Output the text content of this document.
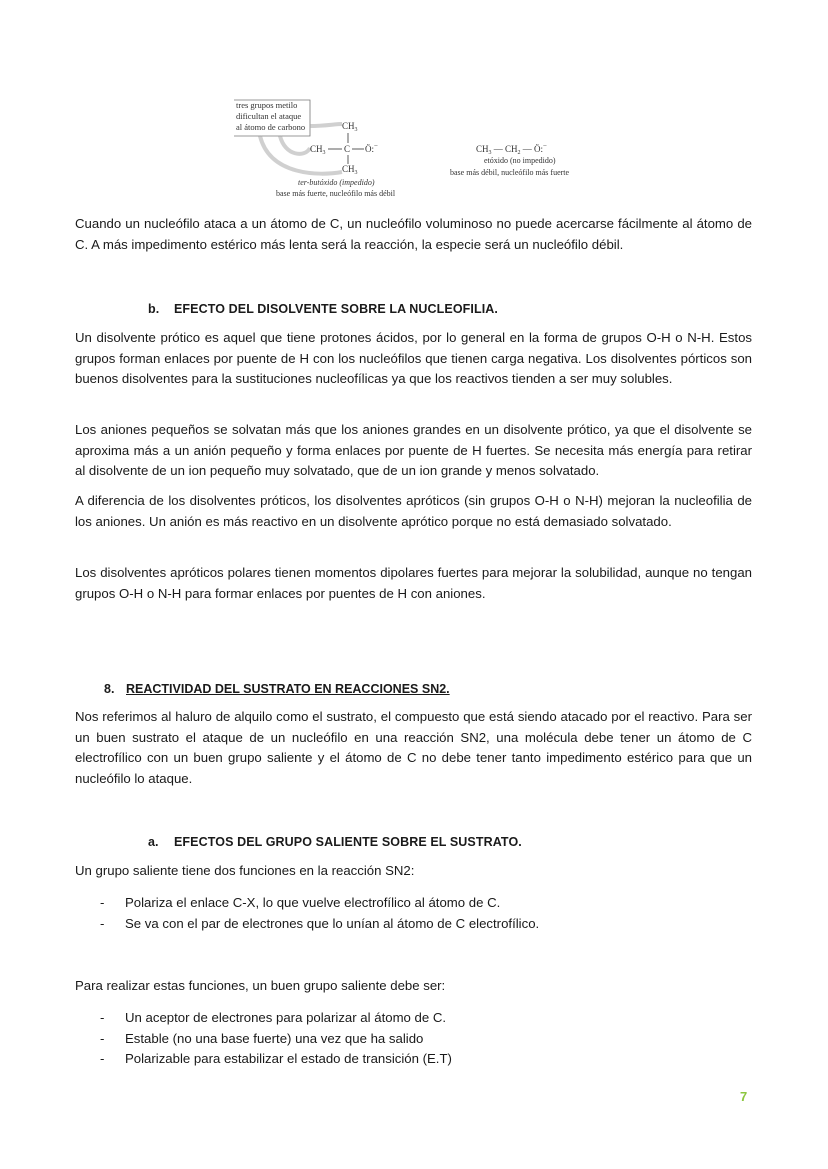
tres grupos metilo
dificultan el ataque
al átomo de carbono	$CH_3$
$CH_3$ C Ö:−
$CH_3$
ter-butóxido (impedido)
base más fuerte, nucleófilo más débil
$CH_3$ — $CH_2$ — Ö:−
etóxido (no impedido)
base más débil, nucleófilo más fuerte

Cuando un nucleófilo ataca a un átomo de C, un nucleófilo voluminoso no puede acercarse fácilmente al átomo de C. A más impedimento estérico más lenta será la reacción, la especie será un nucleófilo débil.

b. EFECTO DEL DISOLVENTE SOBRE LA NUCLEOFILIA.

Un disolvente prótico es aquel que tiene protones ácidos, por lo general en la forma de grupos O-H o N-H. Estos grupos forman enlaces por puente de H con los nucleófilos que tienen carga negativa. Los disolventes pórticos son buenos disolventes para la sustituciones nucleofílicas ya que los reactivos tienden a ser muy solubles.

Los aniones pequeños se solvatan más que los aniones grandes en un disolvente prótico, ya que el disolvente se aproxima más a un anión pequeño y forma enlaces por puente de H fuertes. Se necesita más energía para retirar al disolvente de un ion pequeño muy solvatado, que de un ion grande y menos solvatado.

A diferencia de los disolventes próticos, los disolventes apróticos (sin grupos O-H o N-H) mejoran la nucleofilia de los aniones. Un anión es más reactivo en un disolvente aprótico porque no está demasiado solvatado.

Los disolventes apróticos polares tienen momentos dipolares fuertes para mejorar la solubilidad, aunque no tengan grupos O-H o N-H para formar enlaces por puentes de H con aniones.

8. REACTIVIDAD DEL SUSTRATO EN REACCIONES SN2.

Nos referimos al haluro de alquilo como el sustrato, el compuesto que está siendo atacado por el reactivo. Para ser un buen sustrato el ataque de un nucleófilo en una reacción SN2, una molécula debe tener un átomo de C electrofílico con un buen grupo saliente y el átomo de C no debe tener tanto impedimento estérico para que un nucleófilo lo ataque.

a. EFECTOS DEL GRUPO SALIENTE SOBRE EL SUSTRATO.

Un grupo saliente tiene dos funciones en la reacción SN2:

-	Polariza el enlace C-X, lo que vuelve electrofílico al átomo de C.
-	Se va con el par de electrones que lo unían al átomo de C electrofílico.

Para realizar estas funciones, un buen grupo saliente debe ser:

-	Un aceptor de electrones para polarizar al átomo de C.
-	Estable (no una base fuerte) una vez que ha salido
-	Polarizable para estabilizar el estado de transición (E.T)
7
